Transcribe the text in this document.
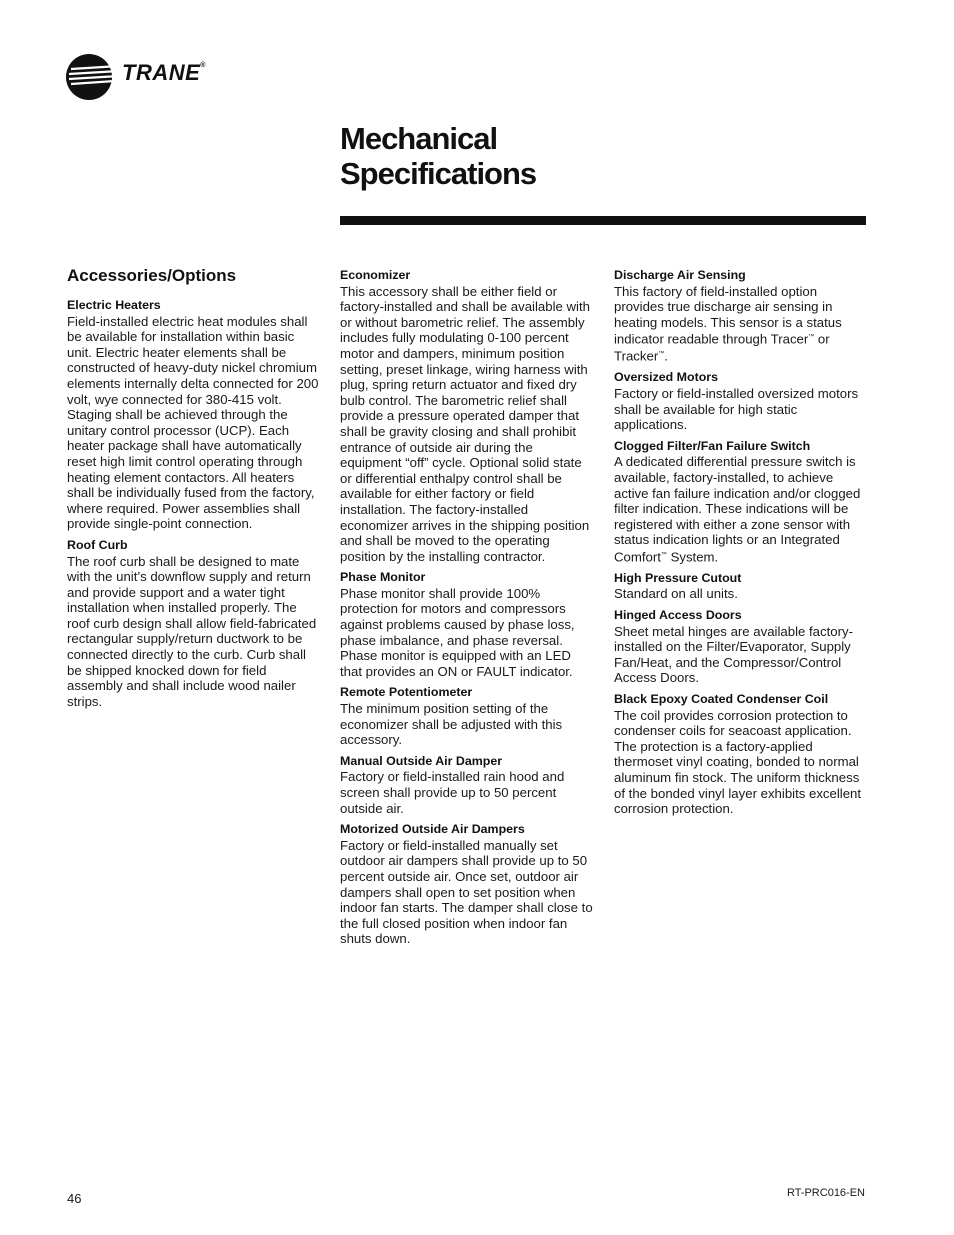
TRANE®
Mechanical
Specifications
Accessories/Options
Electric Heaters

Field-installed electric heat modules shall be available for installation within basic unit. Electric heater elements shall be constructed of heavy-duty nickel chromium elements internally delta connected for 200 volt, wye connected for 380-415 volt. Staging shall be achieved through the unitary control processor (UCP). Each heater package shall have automatically reset high limit control operating through heating element contactors. All heaters shall be individually fused from the factory, where required. Power assemblies shall provide single-point connection.

Roof Curb

The roof curb shall be designed to mate with the unit’s downflow supply and return and provide support and a water tight installation when installed properly. The roof curb design shall allow field-fabricated rectangular supply/return ductwork to be connected directly to the curb. Curb shall be shipped knocked down for field assembly and shall include wood nailer strips.

Economizer

This accessory shall be either field or factory-installed and shall be available with or without barometric relief. The assembly includes fully modulating 0-100 percent motor and dampers, minimum position setting, preset linkage, wiring harness with plug, spring return actuator and fixed dry bulb control. The barometric relief shall provide a pressure operated damper that shall be gravity closing and shall prohibit entrance of outside air during the equipment “off” cycle. Optional solid state or differential enthalpy control shall be available for either factory or field installation. The factory-installed economizer arrives in the shipping position and shall be moved to the operating position by the installing contractor.

Phase Monitor

Phase monitor shall provide 100% protection for motors and compressors against problems caused by phase loss, phase imbalance, and phase reversal. Phase monitor is equipped with an LED that provides an ON or FAULT indicator.

Remote Potentiometer

The minimum position setting of the economizer shall be adjusted with this accessory.

Manual Outside Air Damper

Factory or field-installed rain hood and screen shall provide up to 50 percent outside air.

Motorized Outside Air Dampers

Factory or field-installed manually set outdoor air dampers shall provide up to 50 percent outside air. Once set, outdoor air dampers shall open to set position when indoor fan starts. The damper shall close to the full closed position when indoor fan shuts down.

Discharge Air Sensing

This factory of field-installed option provides true discharge air sensing in heating models. This sensor is a status indicator readable through Tracer™ or Tracker™.

Oversized Motors

Factory or field-installed oversized motors shall be available for high static applications.

Clogged Filter/Fan Failure Switch

A dedicated differential pressure switch is available, factory-installed, to achieve active fan failure indication and/or clogged filter indication. These indications will be registered with either a zone sensor with status indication lights or an Integrated Comfort™ System.

High Pressure Cutout

Standard on all units.

Hinged Access Doors

Sheet metal hinges are available factory-installed on the Filter/Evaporator, Supply Fan/Heat, and the Compressor/Control Access Doors.

Black Epoxy Coated Condenser Coil

The coil provides corrosion protection to condenser coils for seacoast application. The protection is a factory-applied thermoset vinyl coating, bonded to normal aluminum fin stock. The uniform thickness of the bonded vinyl layer exhibits excellent corrosion protection.

46	RT-PRC016-EN
